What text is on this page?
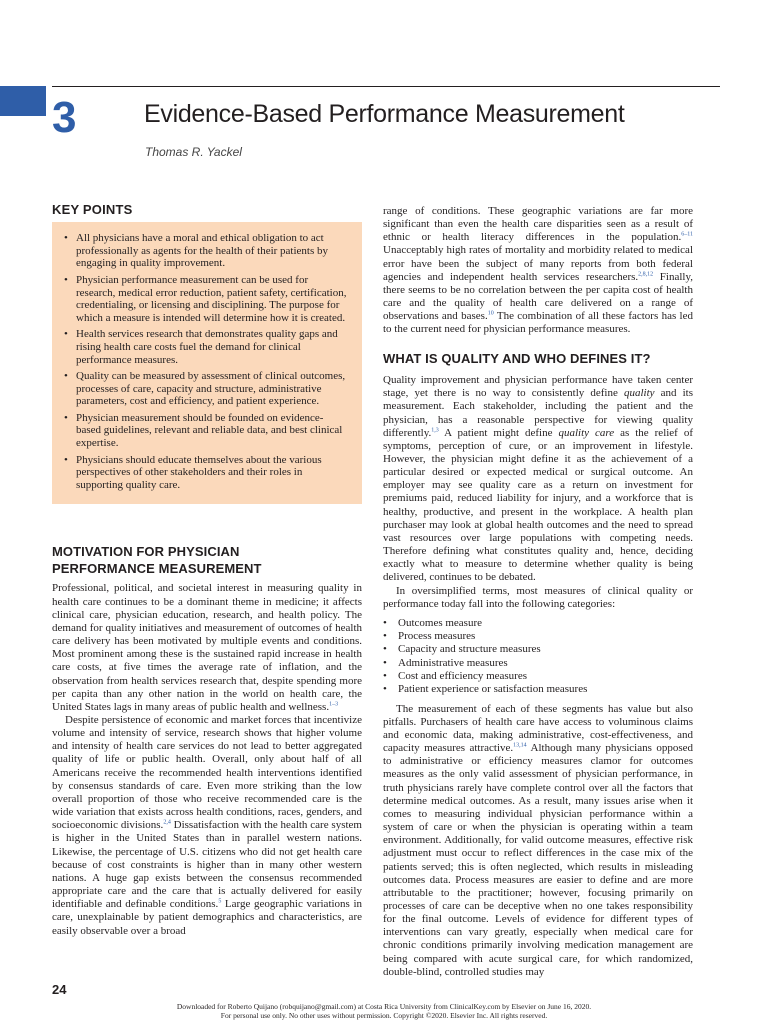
3	Evidence-Based Performance Measurement
Thomas R. Yackel
KEY POINTS
• All physicians have a moral and ethical obligation to act professionally as agents for the health of their patients by engaging in quality improvement.
• Physician performance measurement can be used for research, medical error reduction, patient safety, certification, credentialing, or licensing and disciplining. The purpose for which a measure is intended will determine how it is created.
• Health services research that demonstrates quality gaps and rising health care costs fuel the demand for clinical performance measures.
• Quality can be measured by assessment of clinical outcomes, processes of care, capacity and structure, administrative parameters, cost and efficiency, and patient experience.
• Physician measurement should be founded on evidence-based guidelines, relevant and reliable data, and best clinical expertise.
• Physicians should educate themselves about the various perspectives of other stakeholders and their roles in supporting quality care.
MOTIVATION FOR PHYSICIAN
PERFORMANCE MEASUREMENT

Professional, political, and societal interest in measuring quality in health care continues to be a dominant theme in medicine; it affects clinical care, physician education, research, and health policy. The demand for quality initiatives and measurement of outcomes of health care delivery has been motivated by multiple events and conditions. Most prominent among these is the sustained rapid increase in health care costs, at five times the average rate of inflation, and the observation from health services research that, despite spending more per capita than any other nation in the world on health care, the United States lags in many areas of public health and wellness.$^{1-3}$

Despite persistence of economic and market forces that incentivize volume and intensity of service, research shows that higher volume and intensity of health care services do not lead to better aggregated quality of life or public health. Overall, only about half of all Americans receive the recommended health interventions identified by consensus standards of care. Even more striking than the low overall proportion of those who receive recommended care is the wide variation that exists across health conditions, races, genders, and socioeconomic divisions.$^{2,4}$ Dissatisfaction with the health care system is higher in the United States than in parallel western nations. Likewise, the percentage of U.S. citizens who did not get health care because of cost constraints is higher than in many other western nations. A huge gap exists between the consensus recommended appropriate care and the care that is actually delivered for easily identifiable and definable conditions.$^5$ Large geographic variations in care, unexplainable by patient demographics and characteristics, are easily observable over a broad

range of conditions. These geographic variations are far more significant than even the health care disparities seen as a result of ethnic or health literacy differences in the population.$^{6-11}$ Unacceptably high rates of mortality and morbidity related to medical error have been the subject of many reports from both federal agencies and independent health services researchers.$^{2,8,12}$ Finally, there seems to be no correlation between the per capita cost of health care and the quality of health care delivered on a range of observations and bases.$^{10}$ The combination of all these factors has led to the current need for physician performance measures.

WHAT IS QUALITY AND WHO DEFINES IT?

Quality improvement and physician performance have taken center stage, yet there is no way to consistently define quality and its measurement. Each stakeholder, including the patient and the physician, has a reasonable perspective for viewing quality differently.$^{1,3}$ A patient might define quality care as the relief of symptoms, perception of cure, or an improvement in lifestyle. However, the physician might define it as the achievement of a particular desired or expected medical or surgical outcome. An employer may see quality care as a return on investment for premiums paid, reduced liability for injury, and a workforce that is healthy, productive, and present in the workplace. A health plan purchaser may look at global health outcomes and the need to spread vast resources over large populations with competing needs. Therefore defining what constitutes quality and, hence, deciding exactly what to measure to determine whether quality is being delivered, continues to be debated.

In oversimplified terms, most measures of clinical quality or performance today fall into the following categories:

• Outcomes measure
• Process measures
• Capacity and structure measures
• Administrative measures
• Cost and efficiency measures
• Patient experience or satisfaction measures

The measurement of each of these segments has value but also pitfalls. Purchasers of health care have access to voluminous claims and economic data, making administrative, cost-effectiveness, and capacity measures attractive.$^{13,14}$ Although many physicians opposed to administrative or efficiency measures clamor for outcomes measures as the only valid assessment of physician performance, in truth physicians rarely have complete control over all the factors that determine medical outcomes. As a result, many issues arise when it comes to measuring individual physician performance within a system of care or when the physician is operating within a team environment. Additionally, for valid outcome measures, effective risk adjustment must occur to reflect differences in the case mix of the patients served; this is often neglected, which results in misleading outcomes data. Process measures are easier to define and are more attributable to the practitioner; however, focusing primarily on processes of care can be deceptive when no one takes responsibility for the final outcome. Levels of evidence for different types of interventions can vary greatly, especially when medical care for chronic conditions primarily involving medication management are being compared with acute surgical care, for which randomized, double-blind, controlled studies may

24
Downloaded for Roberto Quijano (robquijano@gmail.com) at Costa Rica University from ClinicalKey.com by Elsevier on June 16, 2020.
For personal use only. No other uses without permission. Copyright ©2020. Elsevier Inc. All rights reserved.
